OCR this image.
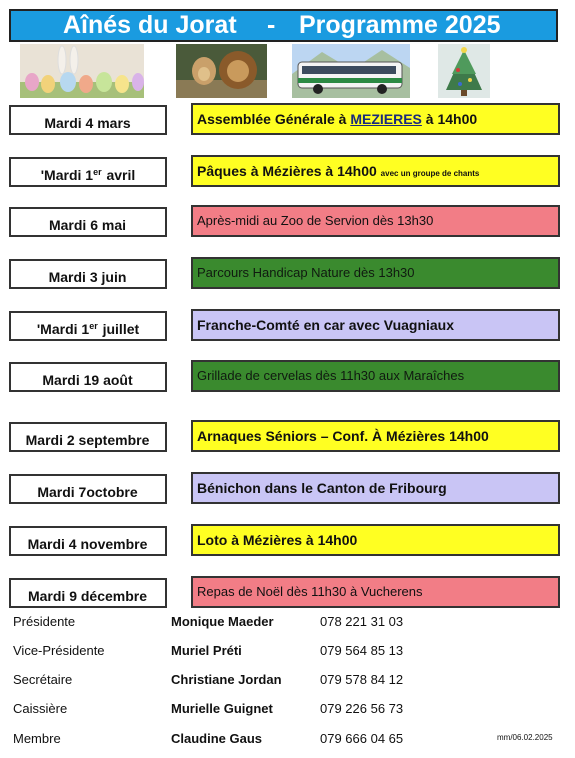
Aînés du Jorat - Programme 2025
Mardi 4 mars	Assemblée Générale à MEZIERES à 14h00
'Mardi 1er avril	Pâques à Mézières à 14h00 avec un groupe de chants
Mardi 6 mai	Après-midi au Zoo de Servion dès 13h30
Mardi 3 juin	Parcours Handicap Nature dès 13h30
'Mardi 1er juillet	Franche-Comté en car avec Vuagniaux
Mardi 19 août	Grillade de cervelas dès 11h30 aux Maraîches
Mardi 2 septembre	Arnaques Séniors – Conf. À Mézières 14h00
Mardi 7octobre	Bénichon dans le Canton de Fribourg
Mardi 4 novembre	Loto à Mézières à 14h00
Mardi 9 décembre	Repas de Noël dès 11h30 à Vucherens
Présidente	Monique Maeder	078 221 31 03
Vice-Présidente	Muriel Préti	079 564 85 13
Secrétaire	Christiane Jordan	079 578 84 12
Caissière	Murielle Guignet	079 226 56 73
Membre	Claudine Gaus	079 666 04 65	mm/06.02.2025
